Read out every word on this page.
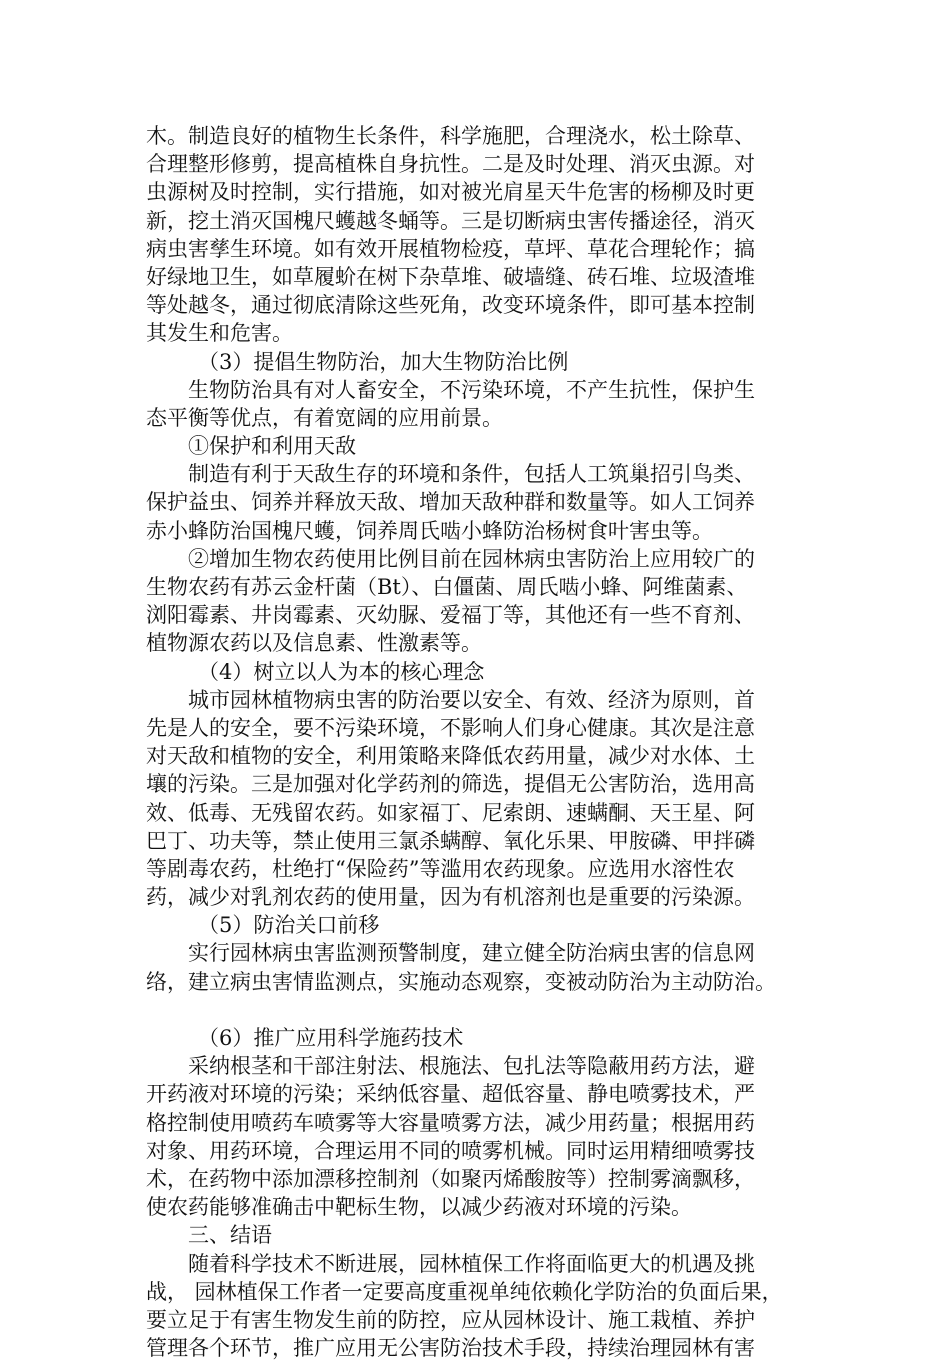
木。制造良好的植物生长条件，科学施肥，合理浇水，松土除草、
合理整形修剪，提高植株自身抗性。二是及时处理、消灭虫源。对
虫源树及时控制，实行措施，如对被光肩星天牛危害的杨柳及时更
新，挖土消灭国槐尺蠖越冬蛹等。三是切断病虫害传播途径，消灭
病虫害孳生环境。如有效开展植物检疫，草坪、草花合理轮作；搞
好绿地卫生，如草履蚧在树下杂草堆、破墙缝、砖石堆、垃圾渣堆
等处越冬，通过彻底清除这些死角，改变环境条件，即可基本控制
其发生和危害。
（3）提倡生物防治，加大生物防治比例
生物防治具有对人畜安全，不污染环境，不产生抗性，保护生
态平衡等优点，有着宽阔的应用前景。
①保护和利用天敌
制造有利于天敌生存的环境和条件，包括人工筑巢招引鸟类、
保护益虫、饲养并释放天敌、增加天敌种群和数量等。如人工饲养
赤小蜂防治国槐尺蠖，饲养周氏啮小蜂防治杨树食叶害虫等。
②增加生物农药使用比例目前在园林病虫害防治上应用较广的
生物农药有苏云金杆菌（Bt）、白僵菌、周氏啮小蜂、阿维菌素、
浏阳霉素、井岗霉素、灭幼脲、爱福丁等，其他还有一些不育剂、
植物源农药以及信息素、性激素等。
（4）树立以人为本的核心理念
城市园林植物病虫害的防治要以安全、有效、经济为原则，首
先是人的安全，要不污染环境，不影响人们身心健康。其次是注意
对天敌和植物的安全，利用策略来降低农药用量，减少对水体、土
壤的污染。三是加强对化学药剂的筛选，提倡无公害防治，选用高
效、低毒、无残留农药。如家福丁、尼索朗、速螨酮、天王星、阿
巴丁、功夫等，禁止使用三氯杀螨醇、氧化乐果、甲胺磷、甲拌磷
等剧毒农药，杜绝打“保险药”等滥用农药现象。应选用水溶性农
药，减少对乳剂农药的使用量，因为有机溶剂也是重要的污染源。
（5）防治关口前移
实行园林病虫害监测预警制度，建立健全防治病虫害的信息网
络，建立病虫害情监测点，实施动态观察，变被动防治为主动防治。
（6）推广应用科学施药技术
采纳根茎和干部注射法、根施法、包扎法等隐蔽用药方法，避
开药液对环境的污染；采纳低容量、超低容量、静电喷雾技术，严
格控制使用喷药车喷雾等大容量喷雾方法，减少用药量；根据用药
对象、用药环境，合理运用不同的喷雾机械。同时运用精细喷雾技
术，在药物中添加漂移控制剂（如聚丙烯酸胺等）控制雾滴飘移，
使农药能够准确击中靶标生物，以减少药液对环境的污染。
三、结语
随着科学技术不断进展，园林植保工作将面临更大的机遇及挑
战， 园林植保工作者一定要高度重视单纯依赖化学防治的负面后果，
要立足于有害生物发生前的防控，应从园林设计、施工栽植、养护
管理各个环节，推广应用无公害防治技术手段，持续治理园林有害
